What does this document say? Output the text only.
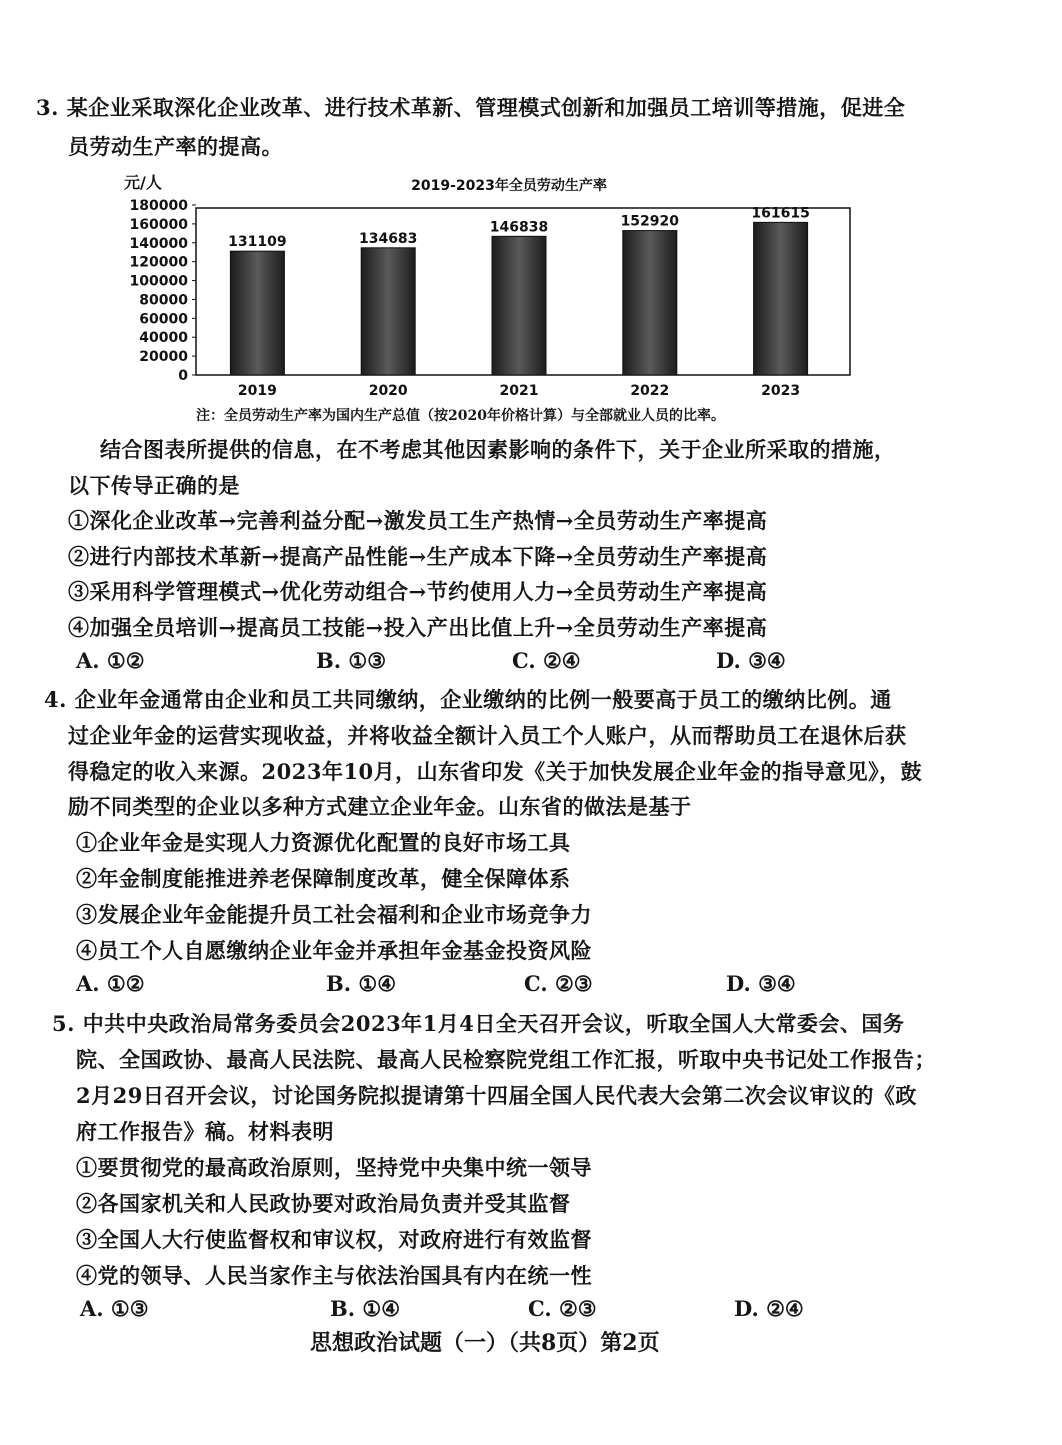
3. 某企业采取深化企业改革、进行技术革新、管理模式创新和加强员工培训等措施，促进全
员劳动生产率的提高。
元/人	2019-2023年全员劳动生产率
0
20000
40000
60000
80000
100000
120000
140000
160000
180000
131109	134683
146838	152920
161615
2019	2020	2021	2022	2023
注：全员劳动生产率为国内生产总值（按2020年价格计算）与全部就业人员的比率。
结合图表所提供的信息，在不考虑其他因素影响的条件下，关于企业所采取的措施，
以下传导正确的是
①深化企业改革→完善利益分配→激发员工生产热情→全员劳动生产率提高
②进行内部技术革新→提高产品性能→生产成本下降→全员劳动生产率提高
③采用科学管理模式→优化劳动组合→节约使用人力→全员劳动生产率提高
④加强全员培训→提高员工技能→投入产出比值上升→全员劳动生产率提高
A. ①②	B. ①③	C. ②④	D. ③④
4. 企业年金通常由企业和员工共同缴纳，企业缴纳的比例一般要高于员工的缴纳比例。通
过企业年金的运营实现收益，并将收益全额计入员工个人账户，从而帮助员工在退休后获
得稳定的收入来源。2023年10月，山东省印发《关于加快发展企业年金的指导意见》，鼓
励不同类型的企业以多种方式建立企业年金。山东省的做法是基于
①企业年金是实现人力资源优化配置的良好市场工具
②年金制度能推进养老保障制度改革，健全保障体系
③发展企业年金能提升员工社会福利和企业市场竞争力
④员工个人自愿缴纳企业年金并承担年金基金投资风险
A. ①②	B. ①④	C. ②③	D. ③④
5. 中共中央政治局常务委员会2023年1月4日全天召开会议，听取全国人大常委会、国务
院、全国政协、最高人民法院、最高人民检察院党组工作汇报，听取中央书记处工作报告；
2月29日召开会议，讨论国务院拟提请第十四届全国人民代表大会第二次会议审议的《政
府工作报告》稿。材料表明
①要贯彻党的最高政治原则，坚持党中央集中统一领导
②各国家机关和人民政协要对政治局负责并受其监督
③全国人大行使监督权和审议权，对政府进行有效监督
④党的领导、人民当家作主与依法治国具有内在统一性
A. ①③	B. ①④	C. ②③	D. ②④
思想政治试题（一）（共8页）第2页
